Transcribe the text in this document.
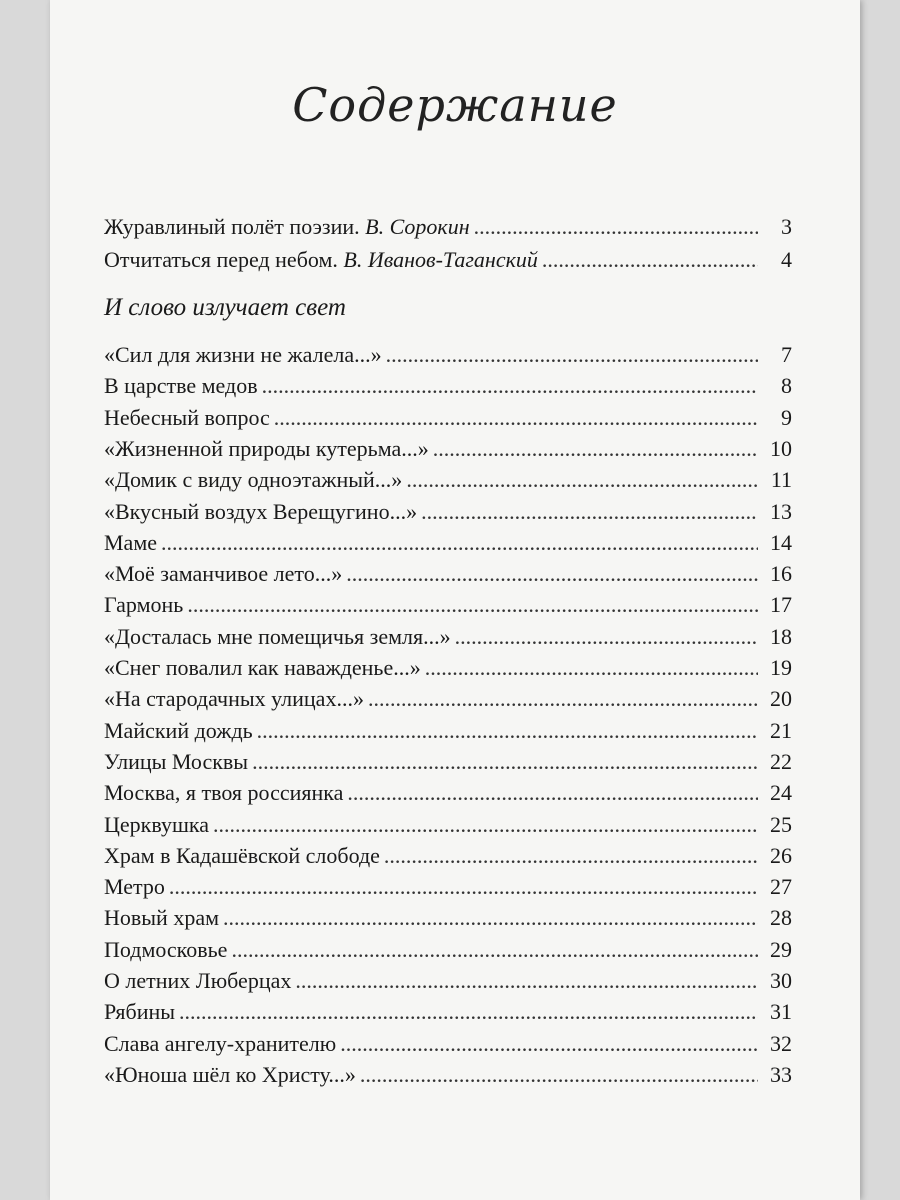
Содержание
Журавлиный полёт поэзии. В. Сорокин .....	3
Отчитаться перед небом. В. Иванов-Таганский .....	4
И слово излучает свет
«Сил для жизни не жалела...» .....	7
В царстве медов .....	8
Небесный вопрос .....	9
«Жизненной природы кутерьма...» .....	10
«Домик с виду одноэтажный...» .....	11
«Вкусный воздух Верещугино...» .....	13
Маме .....	14
«Моё заманчивое лето...» .....	16
Гармонь .....	17
«Досталась мне помещичья земля...» .....	18
«Снег повалил как наважденье...» .....	19
«На стародачных улицах...» .....	20
Майский дождь .....	21
Улицы Москвы .....	22
Москва, я твоя россиянка .....	24
Церквушка .....	25
Храм в Кадашёвской слободе .....	26
Метро .....	27
Новый храм .....	28
Подмосковье .....	29
О летних Люберцах .....	30
Рябины .....	31
Слава ангелу-хранителю .....	32
«Юноша шёл ко Христу...» .....	33
